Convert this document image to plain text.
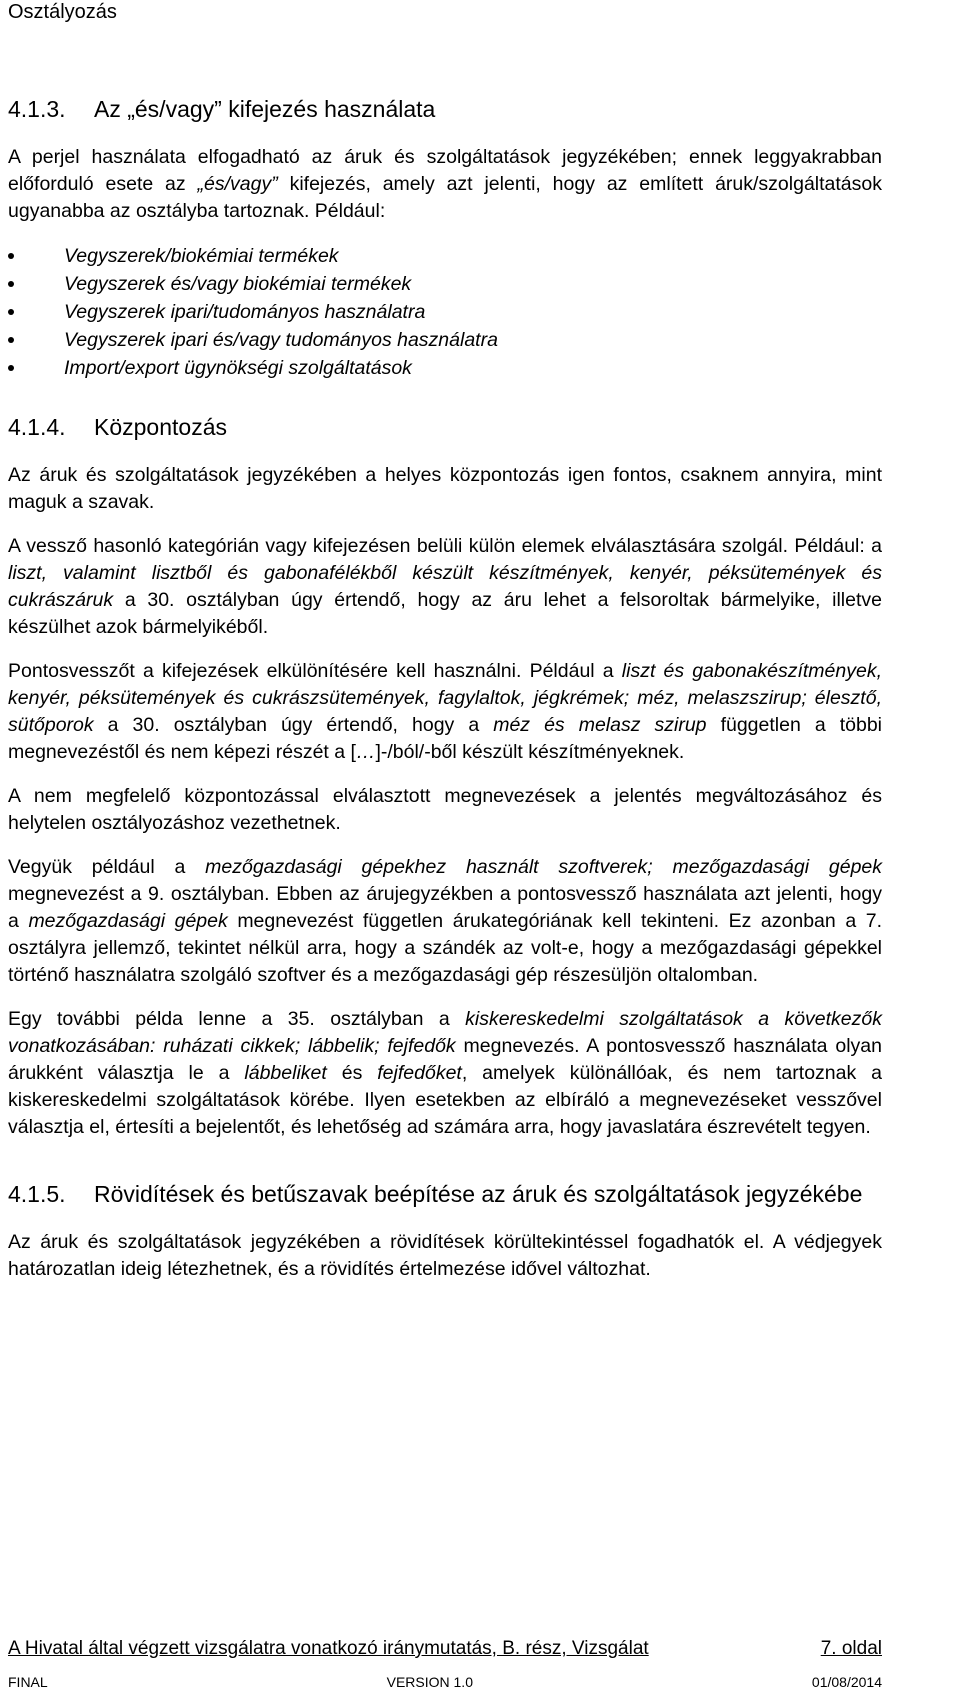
Osztályozás
4.1.3.	Az „és/vagy” kifejezés használata

A perjel használata elfogadható az áruk és szolgáltatások jegyzékében; ennek leggyakrabban előforduló esete az „és/vagy” kifejezés, amely azt jelenti, hogy az említett áruk/szolgáltatások ugyanabba az osztályba tartoznak. Például:

Vegyszerek/biokémiai termékek
Vegyszerek és/vagy biokémiai termékek
Vegyszerek ipari/tudományos használatra
Vegyszerek ipari és/vagy tudományos használatra
Import/export ügynökségi szolgáltatások
4.1.4.	Központozás

Az áruk és szolgáltatások jegyzékében a helyes központozás igen fontos, csaknem annyira, mint maguk a szavak.

A vessző hasonló kategórián vagy kifejezésen belüli külön elemek elválasztására szolgál. Például: a liszt, valamint lisztből és gabonafélékből készült készítmények, kenyér, péksütemények és cukrászáruk a 30. osztályban úgy értendő, hogy az áru lehet a felsoroltak bármelyike, illetve készülhet azok bármelyikéből.

Pontosvesszőt a kifejezések elkülönítésére kell használni. Például a liszt és gabonakészítmények, kenyér, péksütemények és cukrászsütemények, fagylaltok, jégkrémek; méz, melaszszirup; élesztő, sütőporok a 30. osztályban úgy értendő, hogy a méz és melasz szirup független a többi megnevezéstől és nem képezi részét a […]-/ból/-ből készült készítményeknek.

A nem megfelelő központozással elválasztott megnevezések a jelentés megváltozásához és helytelen osztályozáshoz vezethetnek.

Vegyük például a mezőgazdasági gépekhez használt szoftverek; mezőgazdasági gépek megnevezést a 9. osztályban. Ebben az árujegyzékben a pontosvessző használata azt jelenti, hogy a mezőgazdasági gépek megnevezést független árukategóriának kell tekinteni. Ez azonban a 7. osztályra jellemző, tekintet nélkül arra, hogy a szándék az volt-e, hogy a mezőgazdasági gépekkel történő használatra szolgáló szoftver és a mezőgazdasági gép részesüljön oltalomban.

Egy további példa lenne a 35. osztályban a kiskereskedelmi szolgáltatások a következők vonatkozásában: ruházati cikkek; lábbelik; fejfedők megnevezés. A pontosvessző használata olyan árukként választja le a lábbeliket és fejfedőket, amelyek különállóak, és nem tartoznak a kiskereskedelmi szolgáltatások körébe. Ilyen esetekben az elbíráló a megnevezéseket vesszővel választja el, értesíti a bejelentőt, és lehetőség ad számára arra, hogy javaslatára észrevételt tegyen.

4.1.5.	Rövidítések és betűszavak beépítése az áruk és szolgáltatások jegyzékébe

Az áruk és szolgáltatások jegyzékében a rövidítések körültekintéssel fogadhatók el. A védjegyek határozatlan ideig létezhetnek, és a rövidítés értelmezése idővel változhat.

A Hivatal által végzett vizsgálatra vonatkozó iránymutatás, B. rész, Vizsgálat	7. oldal
FINAL	VERSION 1.0	01/08/2014
